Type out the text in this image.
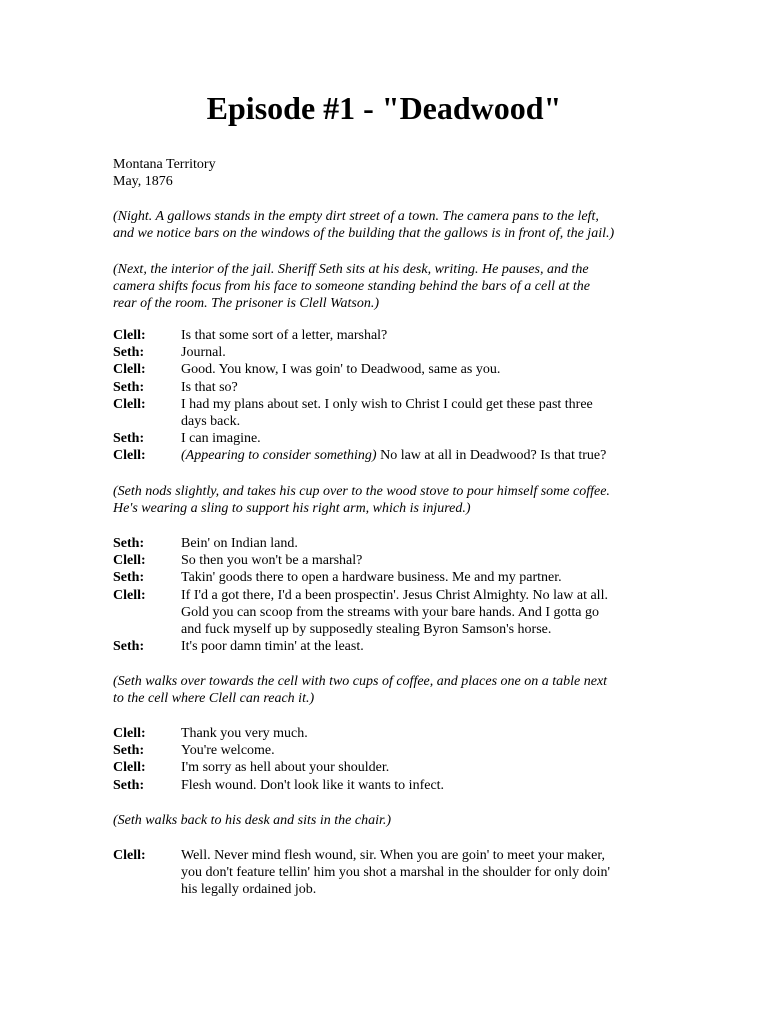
Episode #1 - "Deadwood"
Montana Territory
May, 1876
(Night. A gallows stands in the empty dirt street of a town. The camera pans to the left,
and we notice bars on the windows of the building that the gallows is in front of, the jail.)
(Next, the interior of the jail. Sheriff Seth sits at his desk, writing. He pauses, and the
camera shifts focus from his face to someone standing behind the bars of a cell at the
rear of the room. The prisoner is Clell Watson.)
Clell:	Is that some sort of a letter, marshal?
Seth:	Journal.
Clell:	Good. You know, I was goin' to Deadwood, same as you.
Seth:	Is that so?
Clell:	I had my plans about set. I only wish to Christ I could get these past three
days back.
Seth:	I can imagine.
Clell:	(Appearing to consider something) No law at all in Deadwood? Is that true?
(Seth nods slightly, and takes his cup over to the wood stove to pour himself some coffee.
He's wearing a sling to support his right arm, which is injured.)
Seth:	Bein' on Indian land.
Clell:	So then you won't be a marshal?
Seth:	Takin' goods there to open a hardware business. Me and my partner.
Clell:	If I'd a got there, I'd a been prospectin'. Jesus Christ Almighty. No law at all.
Gold you can scoop from the streams with your bare hands. And I gotta go
and fuck myself up by supposedly stealing Byron Samson's horse.
Seth:	It's poor damn timin' at the least.
(Seth walks over towards the cell with two cups of coffee, and places one on a table next
to the cell where Clell can reach it.)
Clell:	Thank you very much.
Seth:	You're welcome.
Clell:	I'm sorry as hell about your shoulder.
Seth:	Flesh wound. Don't look like it wants to infect.
(Seth walks back to his desk and sits in the chair.)
Clell:	Well. Never mind flesh wound, sir. When you are goin' to meet your maker,
you don't feature tellin' him you shot a marshal in the shoulder for only doin'
his legally ordained job.
